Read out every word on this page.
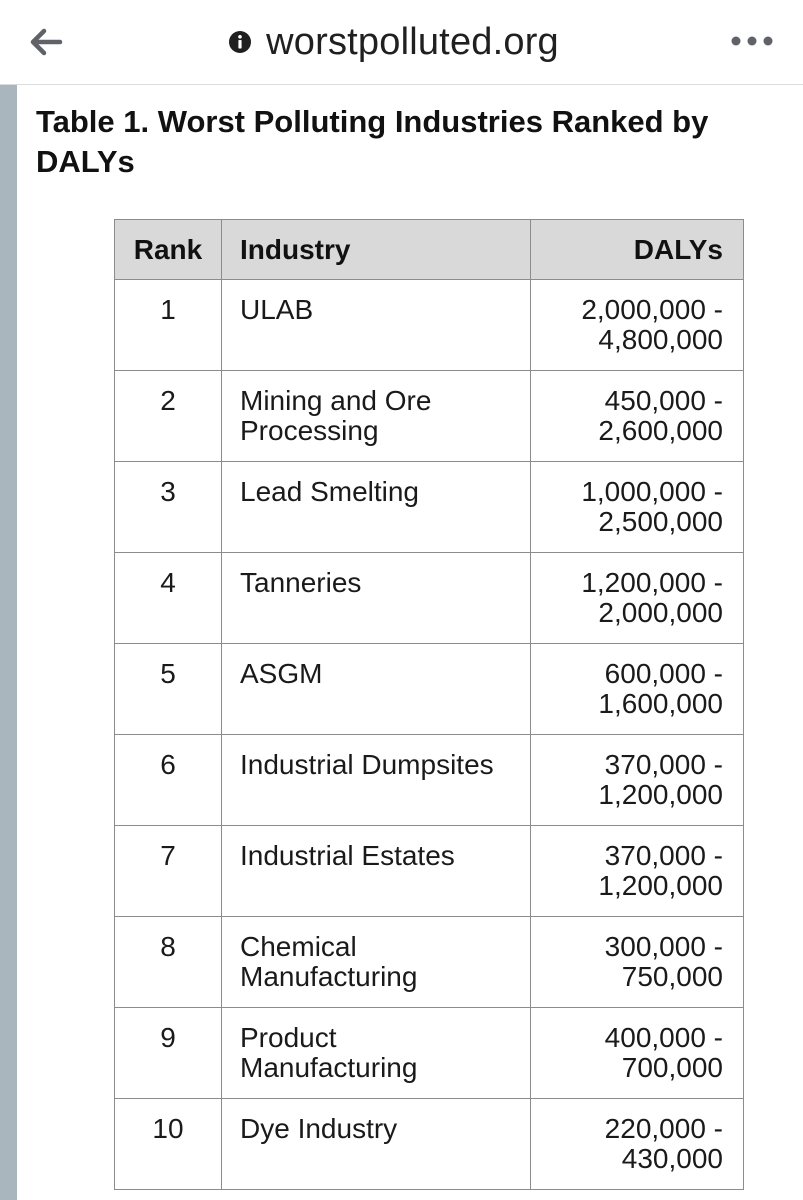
worstpolluted.org
Table 1. Worst Polluting Industries Ranked by DALYs
Rank	Industry	DALYs
1	ULAB	2,000,000 -
4,800,000

2	Mining and Ore Processing	450,000 -
2,600,000

3	Lead Smelting	1,000,000 -
2,500,000

4	Tanneries	1,200,000 -
2,000,000

5	ASGM	600,000 -
1,600,000

6	Industrial Dumpsites	370,000 -
1,200,000

7	Industrial Estates	370,000 -
1,200,000

8	Chemical Manufacturing	300,000 -
750,000

9	Product Manufacturing	400,000 -
700,000

10	Dye Industry	220,000 -
430,000
